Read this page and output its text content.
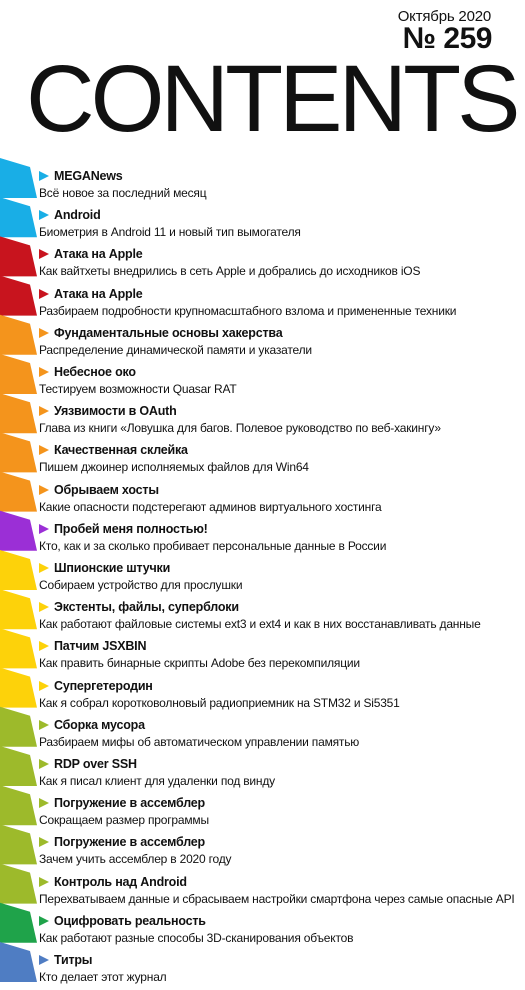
Октябрь 2020
№ 259
CONTENTS
MEGANews
Всё новое за последний месяц
Android
Биометрия в Android 11 и новый тип вымогателя
Атака на Apple
Как вайтхеты внедрились в сеть Apple и добрались до исходников iOS
Атака на Apple
Разбираем подробности крупномасштабного взлома и примененные техники
Фундаментальные основы хакерства
Распределение динамической памяти и указатели
Небесное око
Тестируем возможности Quasar RAT
Уязвимости в OAuth
Глава из книги «Ловушка для багов. Полевое руководство по веб-хакингу»
Качественная склейка
Пишем джоинер исполняемых файлов для Win64
Обрываем хосты
Какие опасности подстерегают админов виртуального хостинга
Пробей меня полностью!
Кто, как и за сколько пробивает персональные данные в России
Шпионские штучки
Собираем устройство для прослушки
Экстенты, файлы, суперблоки
Как работают файловые системы ext3 и ext4 и как в них восстанавливать данные
Патчим JSXBIN
Как править бинарные скрипты Adobe без перекомпиляции
Супергетеродин
Как я собрал коротковолновый радиоприемник на STM32 и Si5351
Сборка мусора
Разбираем мифы об автоматическом управлении памятью
RDP over SSH
Как я писал клиент для удаленки под винду
Погружение в ассемблер
Сокращаем размер программы
Погружение в ассемблер
Зачем учить ассемблер в 2020 году
Контроль над Android
Перехватываем данные и сбрасываем настройки смартфона через самые опасные API
Оцифровать реальность
Как работают разные способы 3D-сканирования объектов
Титры
Кто делает этот журнал
